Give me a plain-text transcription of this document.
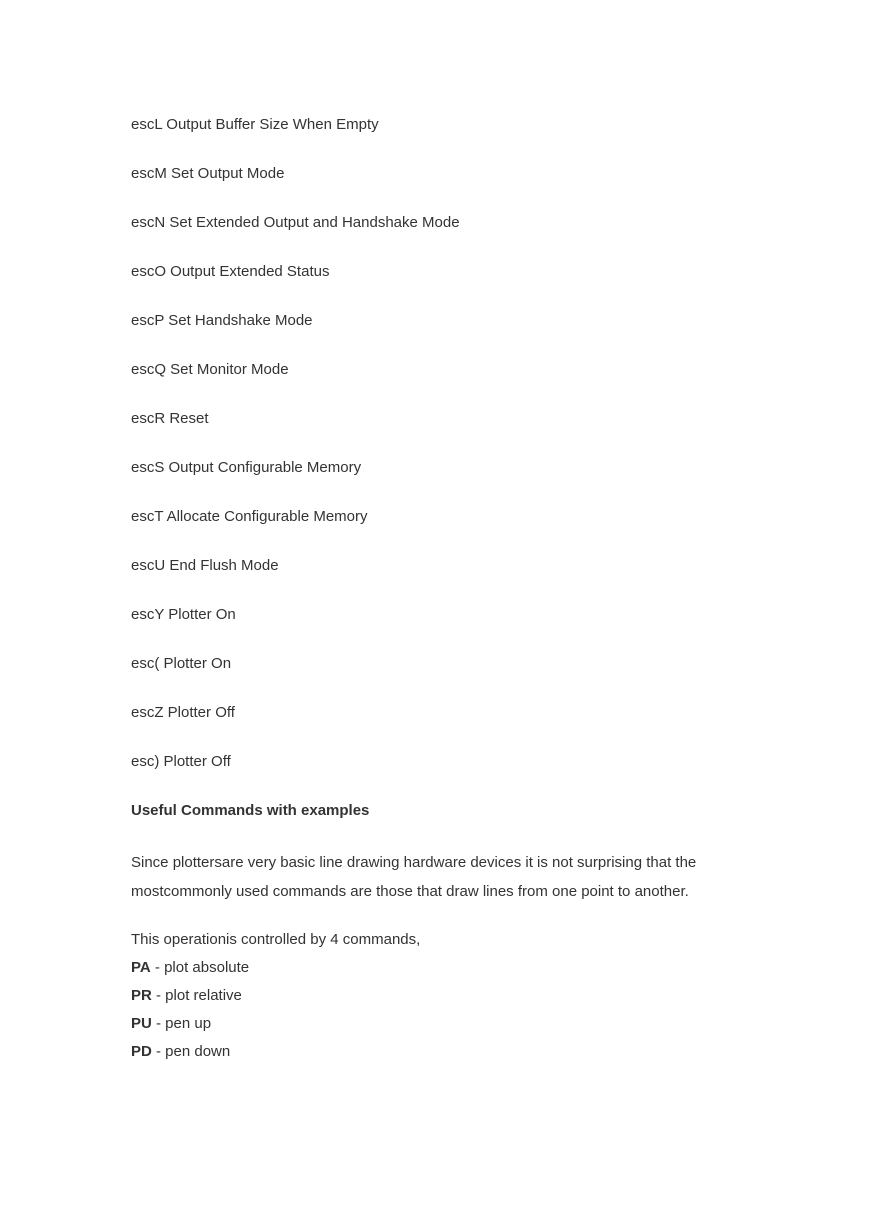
escL Output Buffer Size When Empty

escM Set Output Mode

escN Set Extended Output and Handshake Mode

escO Output Extended Status

escP Set Handshake Mode

escQ Set Monitor Mode

escR Reset

escS Output Configurable Memory

escT Allocate Configurable Memory

escU End Flush Mode

escY Plotter On

esc( Plotter On

escZ Plotter Off

esc) Plotter Off

Useful Commands with examples

Since plottersare very basic line drawing hardware devices it is not surprising that the

mostcommonly used commands are those that draw lines from one point to another.

This operationis controlled by 4 commands,

PA - plot absolute

PR - plot relative

PU - pen up

PD - pen down
